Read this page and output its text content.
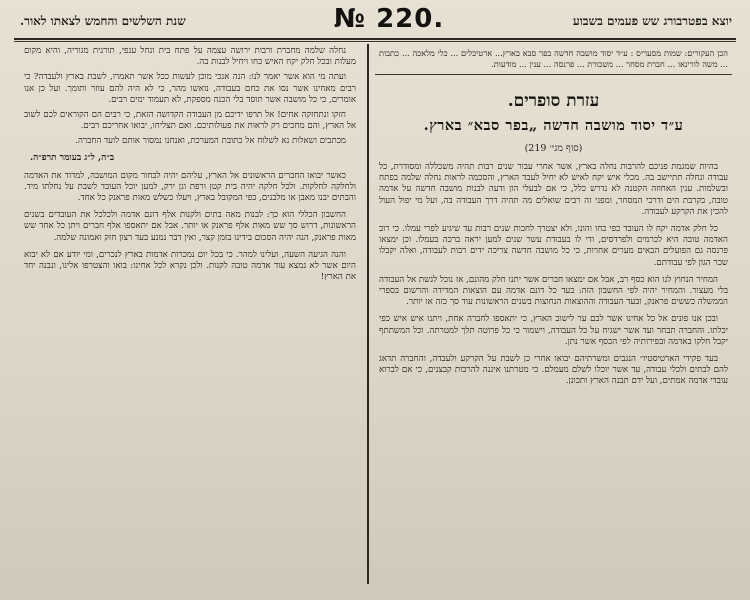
יוצא בפטרבורג שש פעמים בשבוע
№ 220.
שנת השלשים והחמש לצאתו לאור.
הכן העקורים: שמות מסעריס : ע״ד יסוד מושבה חדשה בפר סבא בארץ... ארטיכלים ... כלי מלאכה ... כתבות ... משה לורינאו ... חברת מסחר ... משכורת ... פרנסה ... ענין ... מודעות.
עזרת סופרים.
ע״ד יסוד מושבה חדשה „בפר סבא״ בארץ.
(סוף מגי׳ 219)

בהיות שמגמת פניכם להרבות נחלה בארץ, אשר אחרי עבור שנים רבות תהיה משכללה ומסודרת, כל עבודה ונחלה תתיישב בה. מכלי איש יקח לאיש לא יחיל לעבד הארץ, והסכמה לראות נחלה שלמה בפתח ובשלמות. ענין האחוזה הקטנה לא נדרש כלל, כי אם לבעלי הון ודעה לבנות מושבה חדשה על אדמה טובה, בקרבת הים ודרכי המסחר, ומפני זה רבים שואלים מה תהיה דרך העבודה בה, ועל מי יפול העול להכין את הקרקע לעבודה.

כל חלק אדמה יקח לו העובד כפי כחו והונו, ולא יצטרך לחכות שנים רבות עד שיגיע לפרי עמלו. כי רוב האדמה טובה היא לכרמים ולפרדסים, ודי לו בעבודת עשר שנים למען יראה ברכה בעמלו. וכן ימצאו פרנסה גם הפועלים הבאים מערים אחרות, כי כל מושבה חדשה צריכה ידים רבות לעבודה, ואלה יקבלו שכר הגון לפי עבודתם.

המחיר הנחוץ לנו הוא כסף רב, אבל אם ימצאו חברים אשר יתנו חלק מהונם, אז נוכל לגשת אל העבודה בלי מעצור. והמחיר יהיה לפי החשבון הזה: בעד כל דונם אדמה עם הוצאות המדידה והרשום בספרי הממשלה כששים פראנק, ובעד העבודה וההוצאות הנחוצות בשנים הראשונות עוד סך כזה או יותר.

ובכן אנו פונים אל כל אחינו אשר לבם ער לישוב הארץ, כי יתאספו לחברה אחת, ויתנו איש איש כפי יכלתו. והחברה תבחר ועד אשר ישגיח על כל העבודה, וישמור כי כל פרוטה תלך למטרתה. וכל המשתתף יקבל חלקו באדמה ובפירותיה לפי הכסף אשר נתן.

בעד פקידי הארטיסטיו״ הנגבים ומשרתיהם יבואו אחרי כן לשבת על הקרקע ולעבדה, והחברה תדאג להם לבתים ולכלי עבודה, עד אשר יוכלו לשלם מעמלם. כי מטרתנו איננה להרבות קבצנים, כי אם לברוא עובדי אדמה אמתים, ועל ידם תבנה הארץ ותכונן.

נחלה שלמה מחברת ורבות ירושה עצמה על פתח בית ונחל ענפי, תורנית מגוריה, והיא מקום מעלות ובכל חלק יקח האיש כחו ויחיל לבנות בה.

ועתה מי הוא אשר יאמר לנו: הנה אנכי מוכן לעשות ככל אשר תאמרו, לשבת בארץ ולעבדה? כי רבים מאחינו אשר נסו את כחם בעבודה, נואשו מהר, כי לא היה להם עוזר ותומך. ועל כן אנו אומרים, כי כל מושבה אשר תוסד בלי הכנה מספקת, לא תעמוד ימים רבים.

חזקו ונתחזקה אחים! אל תרפו ידיכם מן העבודה הקדושה הזאת, כי רבים הם הקוראים לכם לשוב אל הארץ, והם מחכים רק לראות את פעולותיכם. ואם תצליחו, יבואו אחריכם רבים.

מכתבים ושאלות נא לשלוח אל כתובת המערכת, ואנחנו נמסור אותם לועד החברה.

ב״ה, ל״ג בעומר תרפ״ה.

כאשר יבואו החברים הראשונים אל הארץ, עליהם יהיה לבחור מקום המושבה, למדוד את האדמה ולחלקה לחלקות. ולכל חלקה יהיה בית קטן ורפת וגן ירק, למען יוכל העובד לשבת על נחלתו מיד. והבתים יבנו מאבן או מלבנים, כפי המקובל בארץ, ויעלו כשלש מאות פראנק כל אחד.

החשבון הכללי הוא כך: לבנות מאה בתים ולקנות אלף דונם אדמה ולכלכל את העובדים בשנים הראשונות, דרוש סך שש מאות אלף פראנק או יותר. אבל אם יתאספו אלף חברים ויתן כל אחד שש מאות פראנק, הנה יהיה הסכום בידינו בזמן קצר, ואין דבר נמנע בעד רצון חזק ואמונה שלמה.

והנה הגיעה השעה, ועלינו למהר. כי בכל יום נמכרות אדמות בארץ לנכרים, ומי יודע אם לא יבוא היום אשר לא נמצא עוד אדמה טובה לקנות. ולכן נקרא לכל אחינו: בואו והצטרפו אלינו, ונבנה יחד את הארץ!
